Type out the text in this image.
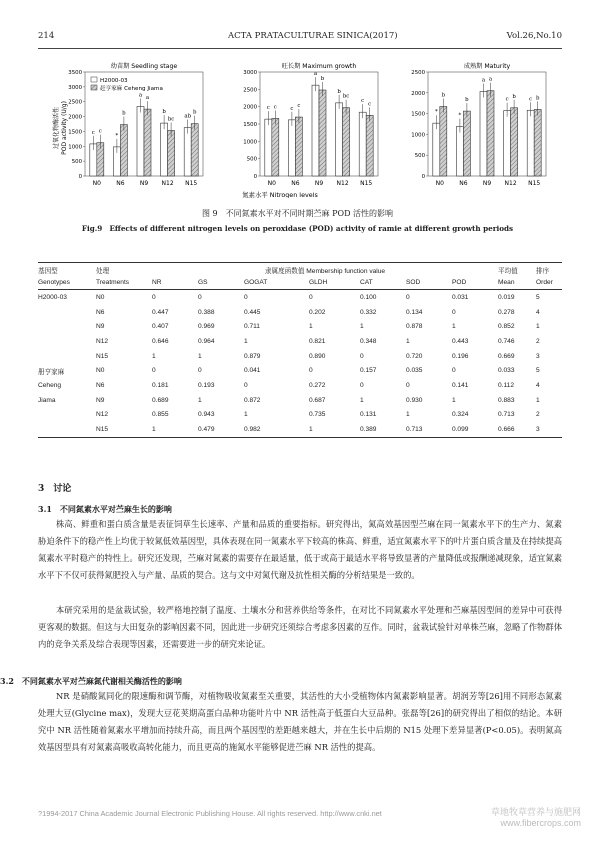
214	ACTA PRATACULTURAE SINICA(2017)	Vol.26,No.10
过氧化物酶活性 POD activity (U/g)
幼苗期 Seedling stage
0
500
1000
1500
2000
2500
3000
3500
c c
N0
*
b
N6
a a
N9
b
bc
N12
ab
b
N15
H2000-03
赶亨家麻 Ceheng Jiama
旺长期 Maximum growth
0
500
1000
1500
2000
2500
3000
c c
N0
c c
N6
a
b
N9
b
bc
N12
c
c
N15
成熟期 Maturity
0
500
1000
1500
2000
2500
*
b
N0
*
b
N6
a a
N9
c b
N12
c b
N15
氮素水平 Nitrogen levels
图 9　不同氮素水平对不同时期苎麻 POD 活性的影响
Fig.9　Effects of different nitrogen levels on peroxidase (POD) activity of ramie at different growth periods
基因型	处理	隶属度函数值 Membership function value							平均值	排序
Genotypes	Treatments	NR	GS	GOGAT	GLDH	CAT	SOD	POD	Mean	Order
H2000-03	N0	0	0	0	0	0.100	0	0.031	0.019	5
	N6	0.447	0.388	0.445	0.202	0.332	0.134	0	0.278	4
	N9	0.407	0.969	0.711	1	1	0.878	1	0.852	1
	N12	0.646	0.964	1	0.821	0.348	1	0.443	0.746	2
	N15	1	1	0.879	0.890	0	0.720	0.196	0.669	3
册亨家麻	N0	0	0	0.041	0	0.157	0.035	0	0.033	5
Ceheng	N6	0.181	0.193	0	0.272	0	0	0.141	0.112	4
Jiama	N9	0.689	1	0.872	0.687	1	0.930	1	0.883	1
	N12	0.855	0.943	1	0.735	0.131	1	0.324	0.713	2
	N15	1	0.479	0.982	1	0.389	0.713	0.099	0.666	3
3　讨论
3.1　不同氮素水平对苎麻生长的影响

株高、鲜重和蛋白质含量是表征饲草生长速率、产量和品质的重要指标。研究得出，氮高效基因型苎麻在同一氮素水平下的生产力、氮素胁迫条件下的稳产性上均优于较氮低效基因型，具体表现在同一氮素水平下较高的株高、鲜重，适宜氮素水平下的叶片蛋白质含量及在持续提高氮素水平时稳产的特性上。研究还发现，苎麻对氮素的需要存在最适量，低于或高于最适水平将导致显著的产量降低或报酬递减现象，适宜氮素水平下不仅可获得氮肥投入与产量、品质的契合。这与文中对氮代谢及抗性相关酶的分析结果是一致的。

本研究采用的是盆栽试验，较严格地控制了温度、土壤水分和营养供给等条件，在对比不同氮素水平处理和苎麻基因型间的差异中可获得更客观的数据。但这与大田复杂的影响因素不同，因此进一步研究还须综合考虑多因素的互作。同时，盆栽试验针对单株苎麻，忽略了作物群体内的竞争关系及综合表现等因素，还需要进一步的研究来论证。

3.2　不同氮素水平对苎麻氮代谢相关酶活性的影响

NR 是硝酸氮同化的限速酶和调节酶，对植物吸收氮素至关重要，其活性的大小受植物体内氮素影响显著。胡润芳等[26]用不同形态氮素处理大豆(Glycine max)，发现大豆花荚期高蛋白品种功能叶片中 NR 活性高于低蛋白大豆品种。张磊等[26]的研究得出了相似的结论。本研究中 NR 活性随着氮素水平增加而持续升高，而且两个基因型的差距越来越大，并在生长中后期的 N15 处理下差异显著(P<0.05)。表明氮高效基因型具有对氮素高吸收高转化能力，而且更高的施氮水平能够促进苎麻 NR 活性的提高。

?1994-2017 China Academic Journal Electronic Publishing House. All rights reserved. http://www.cnki.net	草地牧草营养与施肥网
www.fibercrops.com
